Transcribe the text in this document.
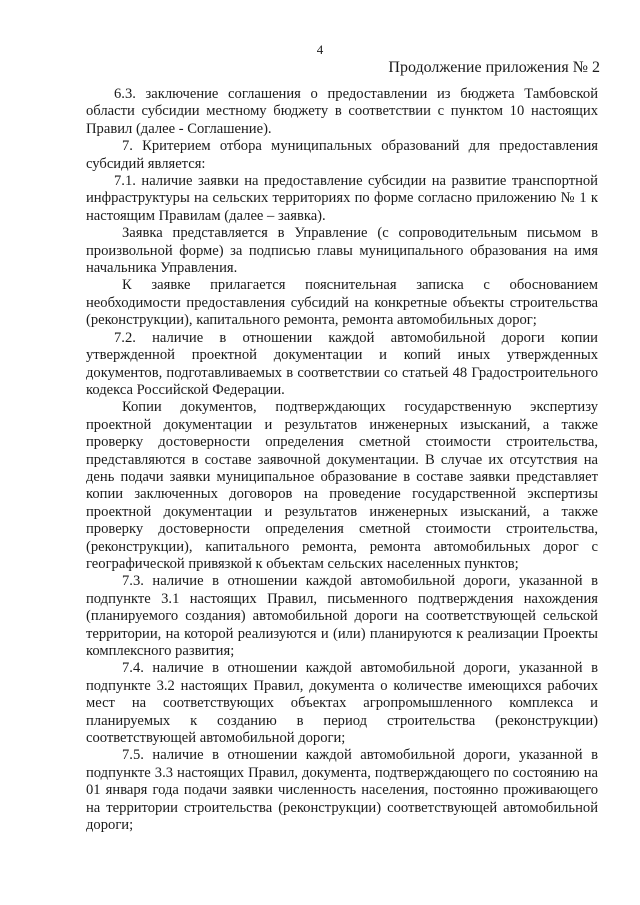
4
Продолжение приложения № 2

6.3. заключение соглашения о предоставлении из бюджета Тамбовской области субсидии местному бюджету в соответствии с пунктом 10 настоящих Правил (далее - Соглашение).

7. Критерием отбора муниципальных образований для предоставления субсидий является:

7.1. наличие заявки на предоставление субсидии на развитие транспортной инфраструктуры на сельских территориях по форме согласно приложению № 1 к настоящим Правилам (далее – заявка).

Заявка представляется в Управление (с сопроводительным письмом в произвольной форме) за подписью главы муниципального образования на имя начальника Управления.

К заявке прилагается пояснительная записка с обоснованием необходимости предоставления субсидий на конкретные объекты строительства (реконструкции), капитального ремонта, ремонта автомобильных дорог;

7.2. наличие в отношении каждой автомобильной дороги копии утвержденной проектной документации и копий иных утвержденных документов, подготавливаемых в соответствии со статьей 48 Градостроительного кодекса Российской Федерации.

Копии документов, подтверждающих государственную экспертизу проектной документации и результатов инженерных изысканий, а также проверку достоверности определения сметной стоимости строительства, представляются в составе заявочной документации. В случае их отсутствия на день подачи заявки муниципальное образование в составе заявки представляет копии заключенных договоров на проведение государственной экспертизы проектной документации и результатов инженерных изысканий, а также проверку достоверности определения сметной стоимости строительства, (реконструкции), капитального ремонта, ремонта автомобильных дорог с географической привязкой к объектам сельских населенных пунктов;

7.3. наличие в отношении каждой автомобильной дороги, указанной в подпункте 3.1 настоящих Правил, письменного подтверждения нахождения (планируемого создания) автомобильной дороги на соответствующей сельской территории, на которой реализуются и (или) планируются к реализации Проекты комплексного развития;

7.4. наличие в отношении каждой автомобильной дороги, указанной в подпункте 3.2 настоящих Правил, документа о количестве имеющихся рабочих мест на соответствующих объектах агропромышленного комплекса и планируемых к созданию в период строительства (реконструкции) соответствующей автомобильной дороги;

7.5. наличие в отношении каждой автомобильной дороги, указанной в подпункте 3.3 настоящих Правил, документа, подтверждающего по состоянию на 01 января года подачи заявки численность населения, постоянно проживающего на территории строительства (реконструкции) соответствующей автомобильной дороги;
